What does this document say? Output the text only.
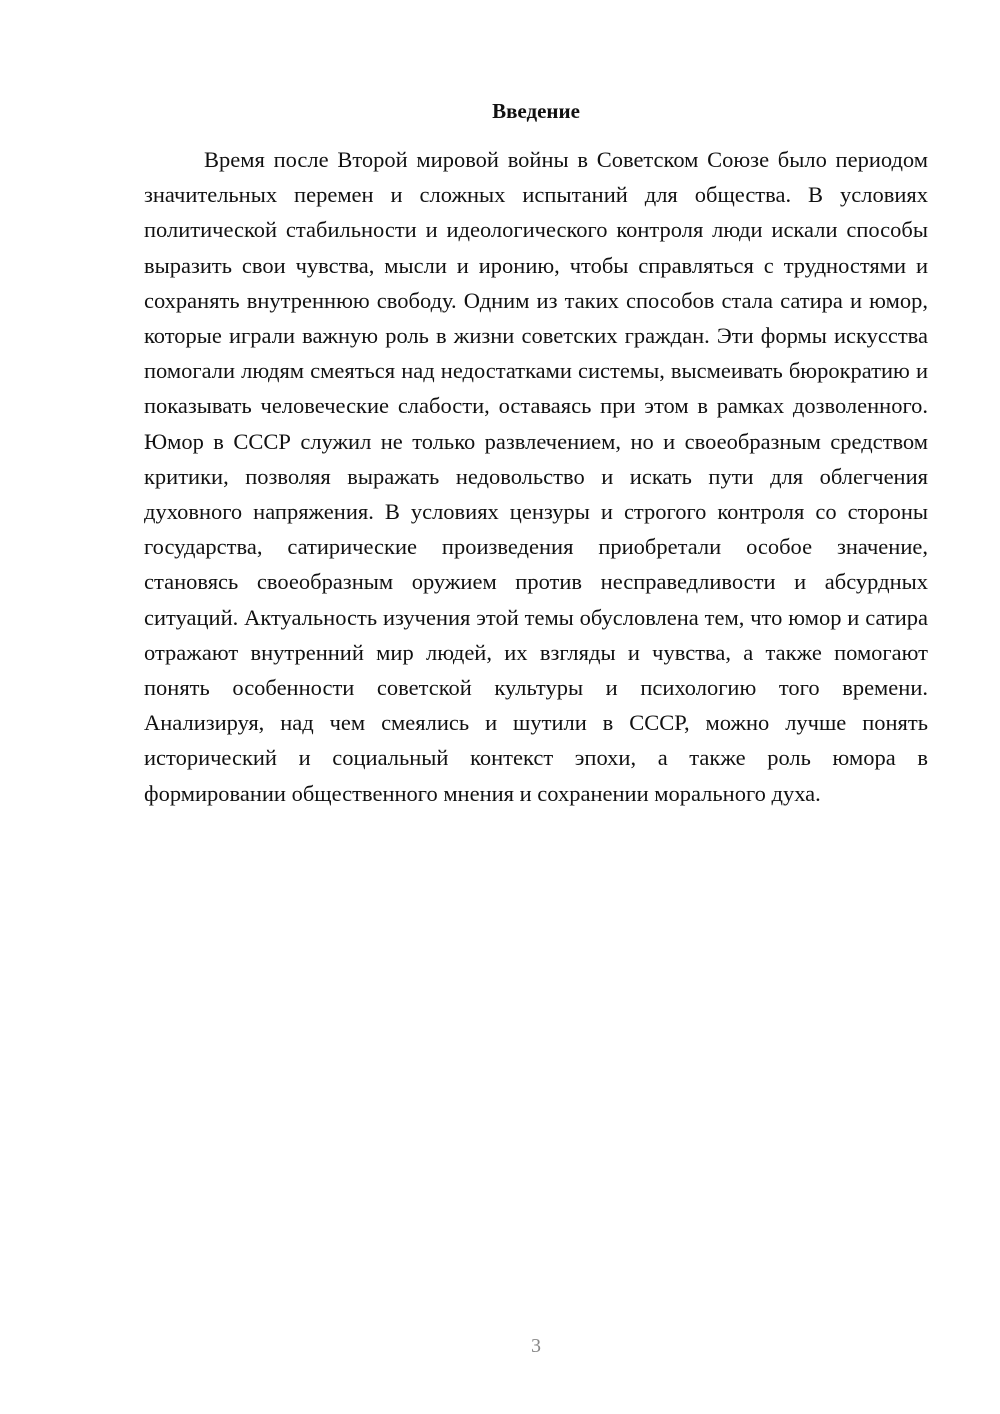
Введение

Время после Второй мировой войны в Советском Союзе было периодом значительных перемен и сложных испытаний для общества. В условиях политической стабильности и идеологического контроля люди искали способы выразить свои чувства, мысли и иронию, чтобы справляться с трудностями и сохранять внутреннюю свободу. Одним из таких способов стала сатира и юмор, которые играли важную роль в жизни советских граждан. Эти формы искусства помогали людям смеяться над недостатками системы, высмеивать бюрократию и показывать человеческие слабости, оставаясь при этом в рамках дозволенного. Юмор в СССР служил не только развлечением, но и своеобразным средством критики, позволяя выражать недовольство и искать пути для облегчения духовного напряжения. В условиях цензуры и строгого контроля со стороны государства, сатирические произведения приобретали особое значение, становясь своеобразным оружием против несправедливости и абсурдных ситуаций. Актуальность изучения этой темы обусловлена тем, что юмор и сатира отражают внутренний мир людей, их взгляды и чувства, а также помогают понять особенности советской культуры и психологию того времени. Анализируя, над чем смеялись и шутили в СССР, можно лучше понять исторический и социальный контекст эпохи, а также роль юмора в формировании общественного мнения и сохранении морального духа.

3
